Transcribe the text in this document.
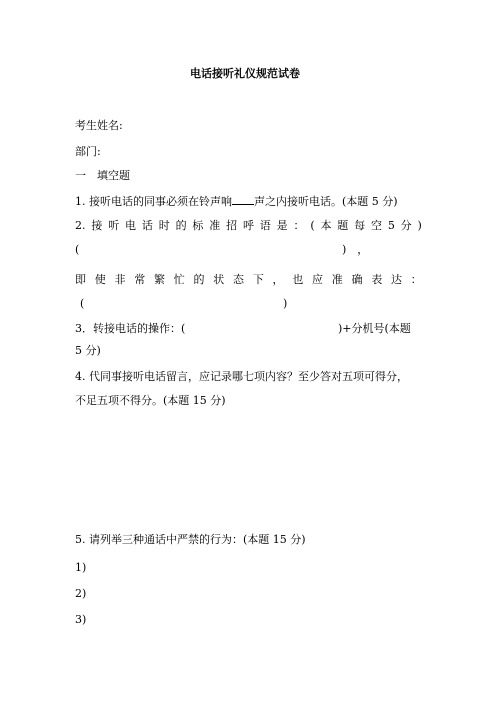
电话接听礼仪规范试卷
考生姓名:
部门:
一　填空题
1. 接听电话的同事必须在铃声响 声之内接听电话。(本题 5 分)
2. 接 听 电 话 时 的 标 准 招 呼 语 是 ： ( 本 题 每 空 5 分 )
(	)　，
即 使 非 常 繁 忙 的 状 态 下 ， 也 应 准 确 表 达 ：
(	)
3．转接电话的操作：(	)+分机号(本题
5 分)
4. 代同事接听电话留言，应记录哪七项内容？至少答对五项可得分，
不足五项不得分。(本题 15 分)
5. 请列举三种通话中严禁的行为：(本题 15 分)
1)
2)
3)
